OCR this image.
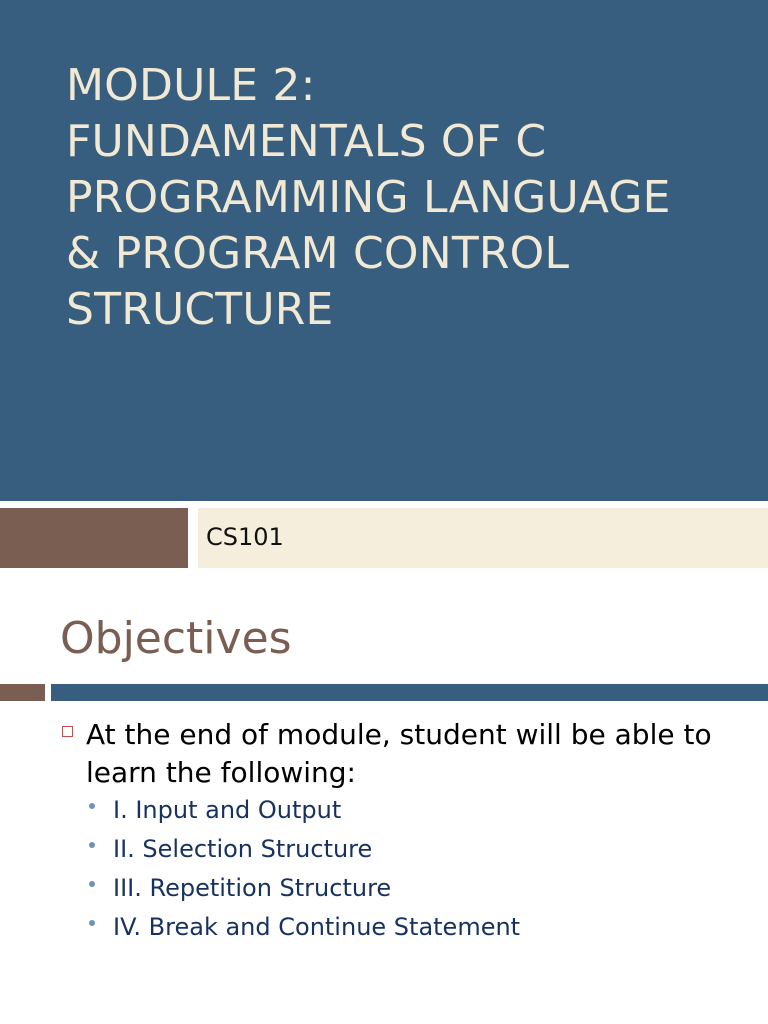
MODULE 2:
FUNDAMENTALS OF C
PROGRAMMING LANGUAGE
& PROGRAM CONTROL
STRUCTURE
CS101
Objectives
At the end of module, student will be able to learn the following:
I. Input and Output
II. Selection Structure
III. Repetition Structure
IV. Break and Continue Statement
